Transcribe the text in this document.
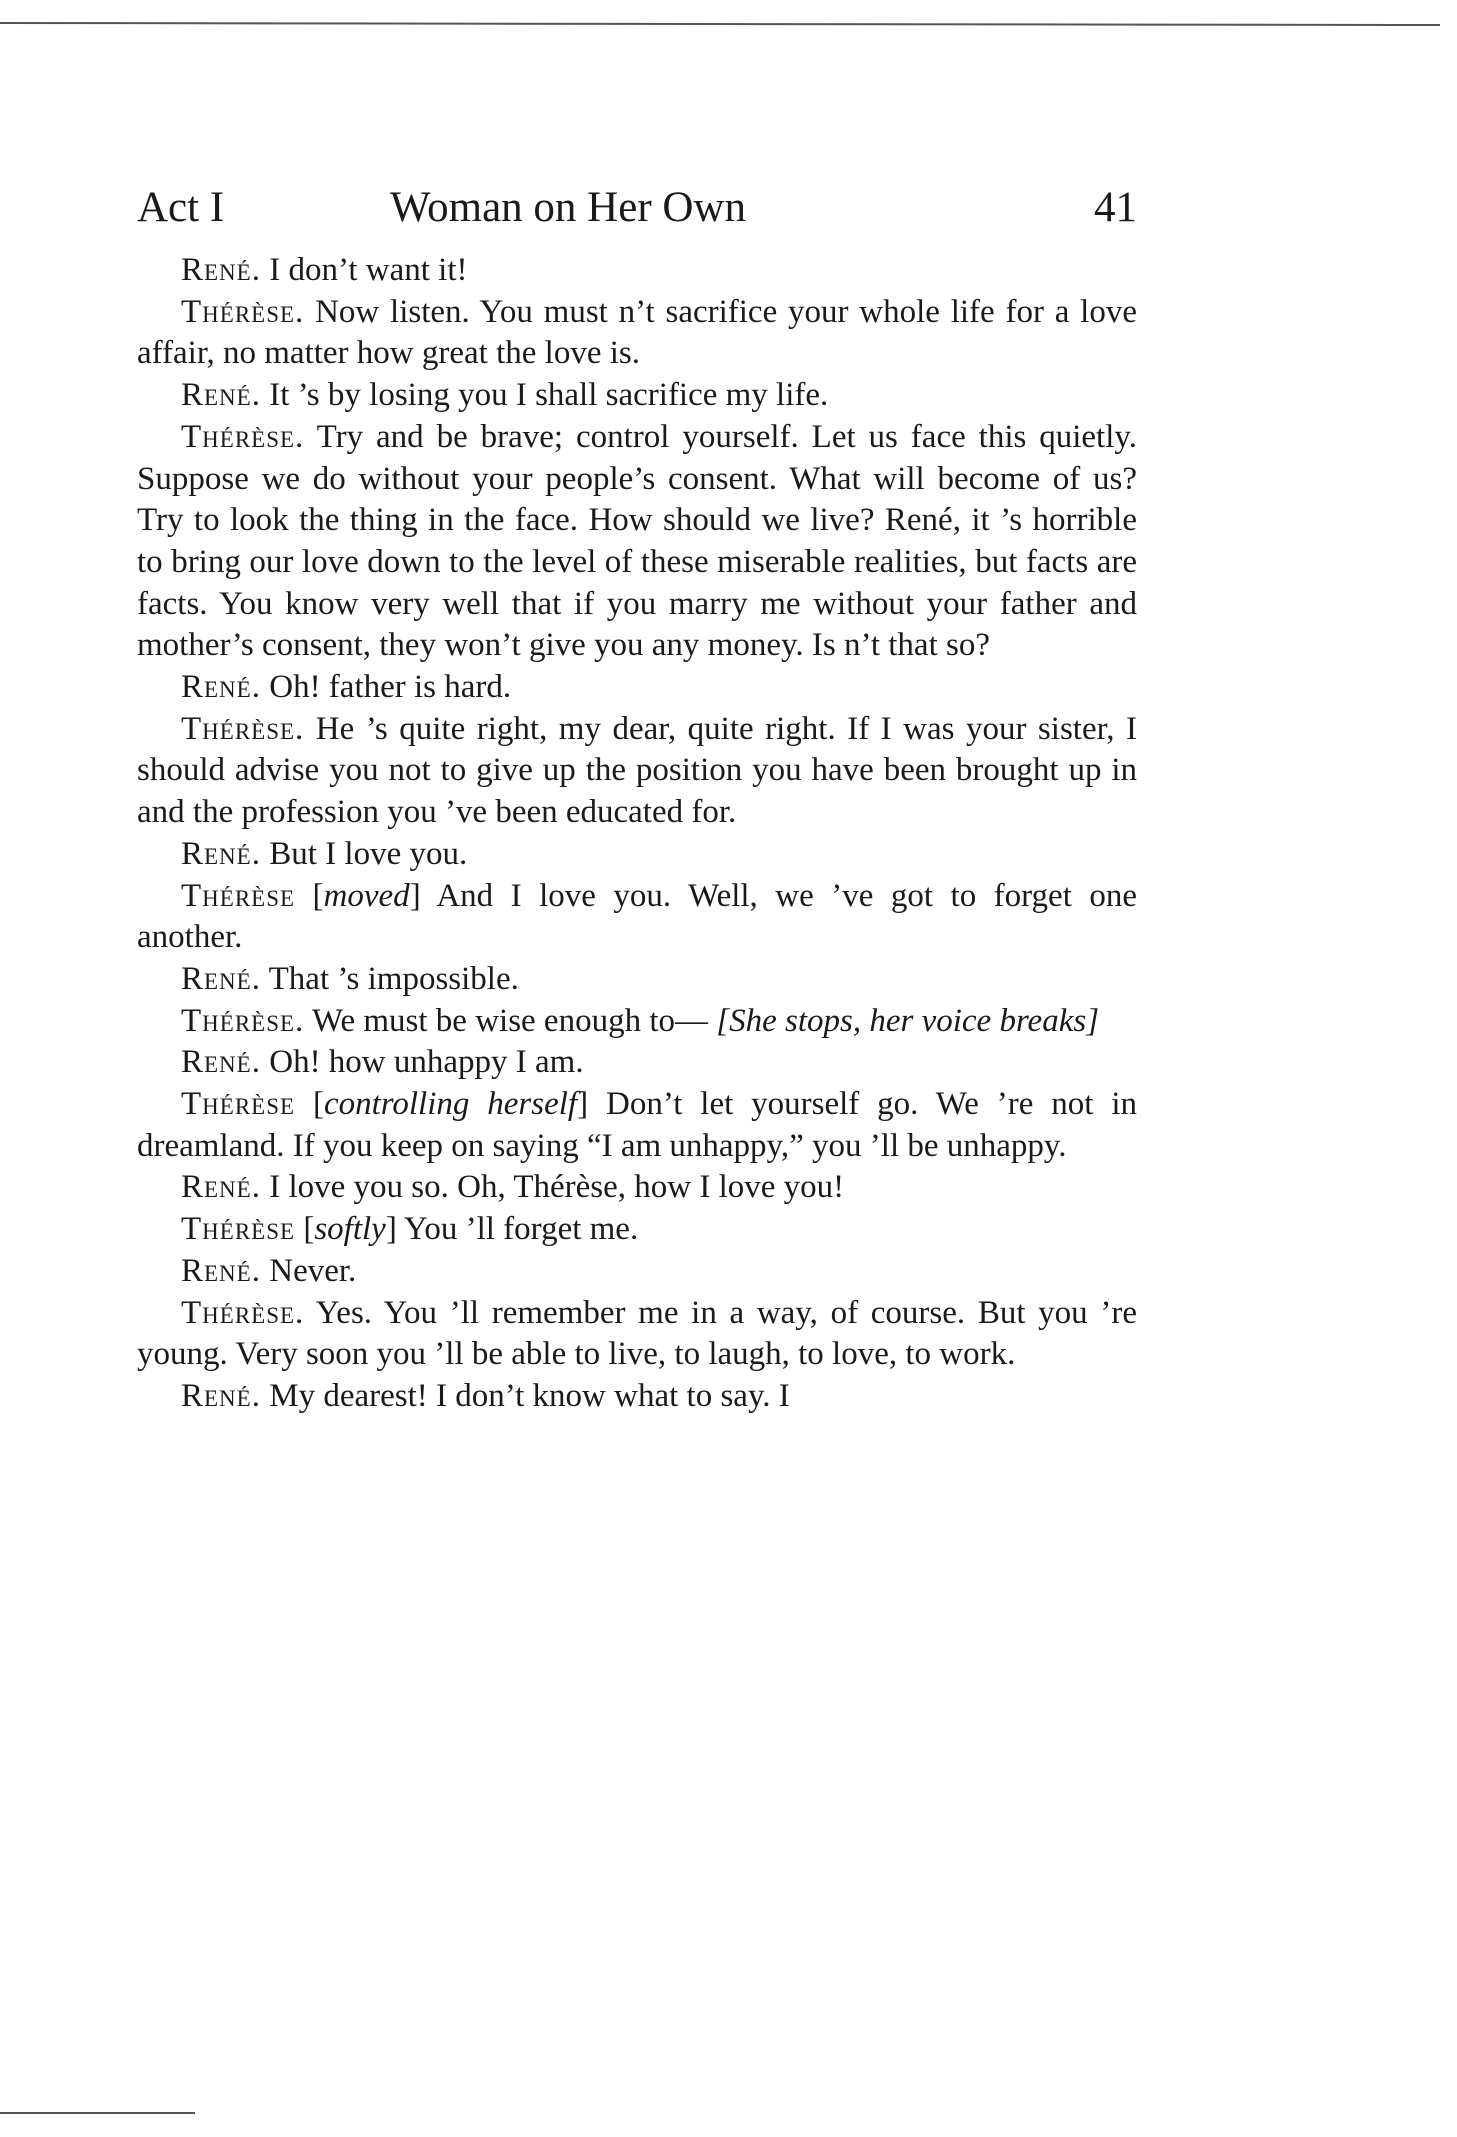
Act I	Woman on Her Own	41

René. I don’t want it!

Thérèse. Now listen. You must n’t sacrifice your whole life for a love affair, no matter how great the love is.

René. It ’s by losing you I shall sacrifice my life.

Thérèse. Try and be brave; control yourself. Let us face this quietly. Suppose we do without your people’s consent. What will become of us? Try to look the thing in the face. How should we live? René, it ’s horrible to bring our love down to the level of these miserable realities, but facts are facts. You know very well that if you marry me without your father and mother’s consent, they won’t give you any money. Is n’t that so?

René. Oh! father is hard.

Thérèse. He ’s quite right, my dear, quite right. If I was your sister, I should advise you not to give up the position you have been brought up in and the profession you ’ve been educated for.

René. But I love you.

Thérèse [moved] And I love you. Well, we ’ve got to forget one another.

René. That ’s impossible.

Thérèse. We must be wise enough to— [She stops, her voice breaks]

René. Oh! how unhappy I am.

Thérèse [controlling herself] Don’t let yourself go. We ’re not in dreamland. If you keep on saying “I am unhappy,” you ’ll be unhappy.

René. I love you so. Oh, Thérèse, how I love you!

Thérèse [softly] You ’ll forget me.

René. Never.

Thérèse. Yes. You ’ll remember me in a way, of course. But you ’re young. Very soon you ’ll be able to live, to laugh, to love, to work.

René. My dearest! I don’t know what to say. I
